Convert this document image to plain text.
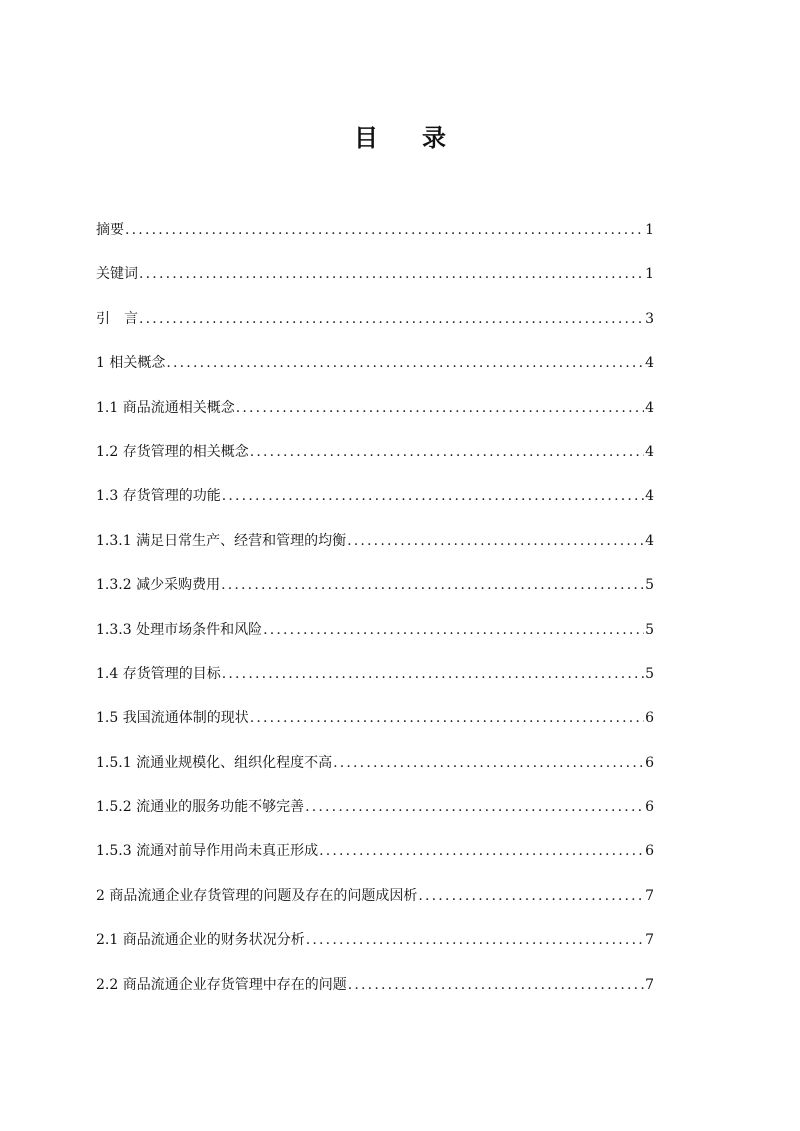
目 录
摘要 .....	1
关键词 .....	1
引　言 .....	3
1 相关概念 .....	4
1.1 商品流通相关概念 .....	4
1.2 存货管理的相关概念 .....	4
1.3 存货管理的功能 .....	4
1.3.1 满足日常生产、经营和管理的均衡 .....	4
1.3.2 减少采购费用 .....	5
1.3.3 处理市场条件和风险 .....	5
1.4 存货管理的目标 .....	5
1.5 我国流通体制的现状 .....	6
1.5.1 流通业规模化、组织化程度不高 .....	6
1.5.2 流通业的服务功能不够完善 .....	6
1.5.3 流通对前导作用尚未真正形成 .....	6
2 商品流通企业存货管理的问题及存在的问题成因析 .....	7
2.1 商品流通企业的财务状况分析 .....	7
2.2 商品流通企业存货管理中存在的问题 .....	7
